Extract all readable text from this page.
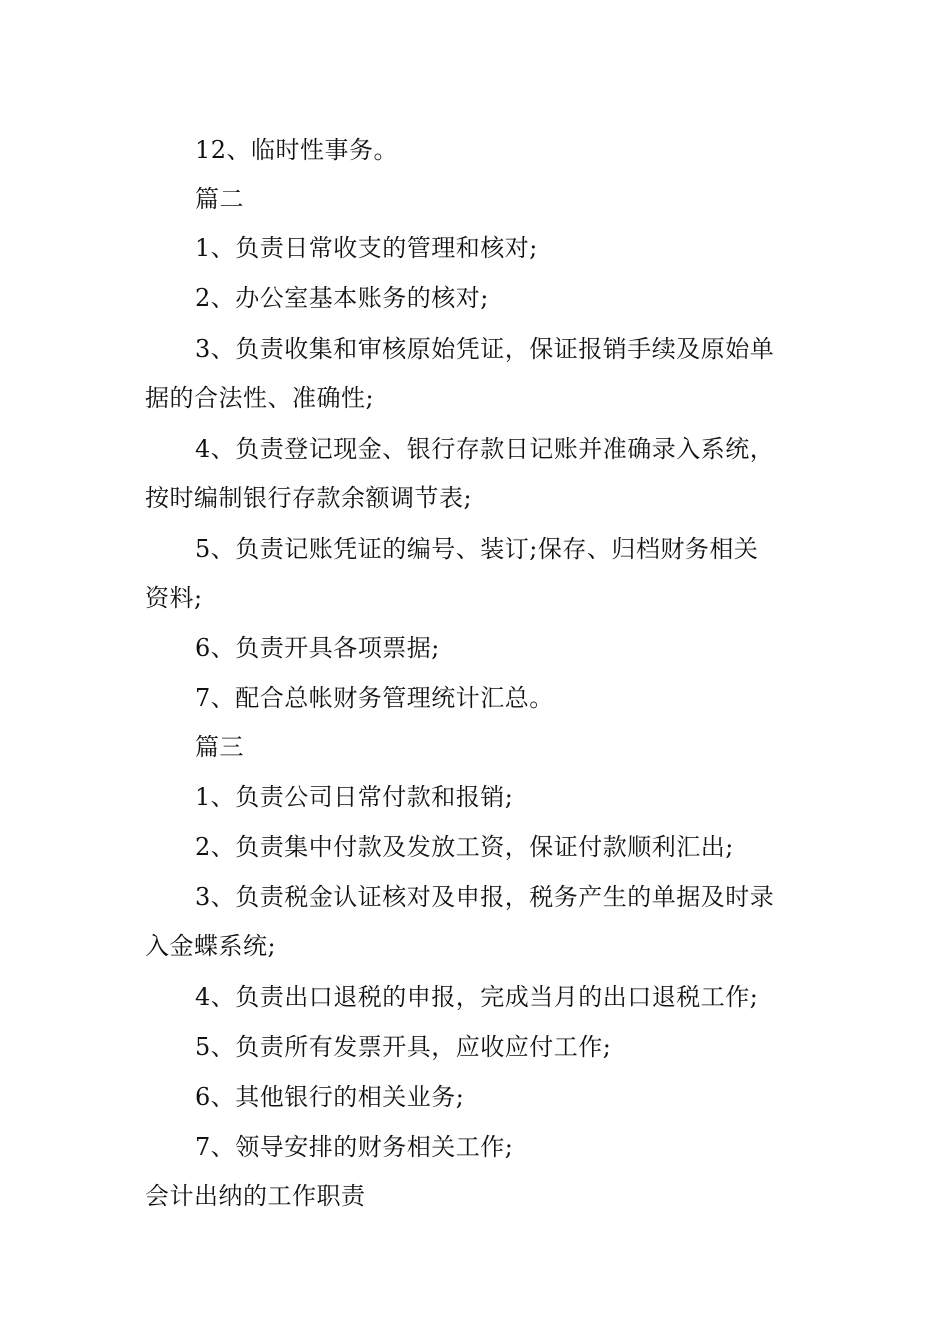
12、临时性事务。
篇二
1、负责日常收支的管理和核对;
2、办公室基本账务的核对;
3、负责收集和审核原始凭证，保证报销手续及原始单
据的合法性、准确性;
4、负责登记现金、银行存款日记账并准确录入系统，
按时编制银行存款余额调节表;
5、负责记账凭证的编号、装订;保存、归档财务相关
资料;
6、负责开具各项票据;
7、配合总帐财务管理统计汇总。
篇三
1、负责公司日常付款和报销;
2、负责集中付款及发放工资，保证付款顺利汇出;
3、负责税金认证核对及申报，税务产生的单据及时录
入金蝶系统;
4、负责出口退税的申报，完成当月的出口退税工作;
5、负责所有发票开具，应收应付工作;
6、其他银行的相关业务;
7、领导安排的财务相关工作;
会计出纳的工作职责
